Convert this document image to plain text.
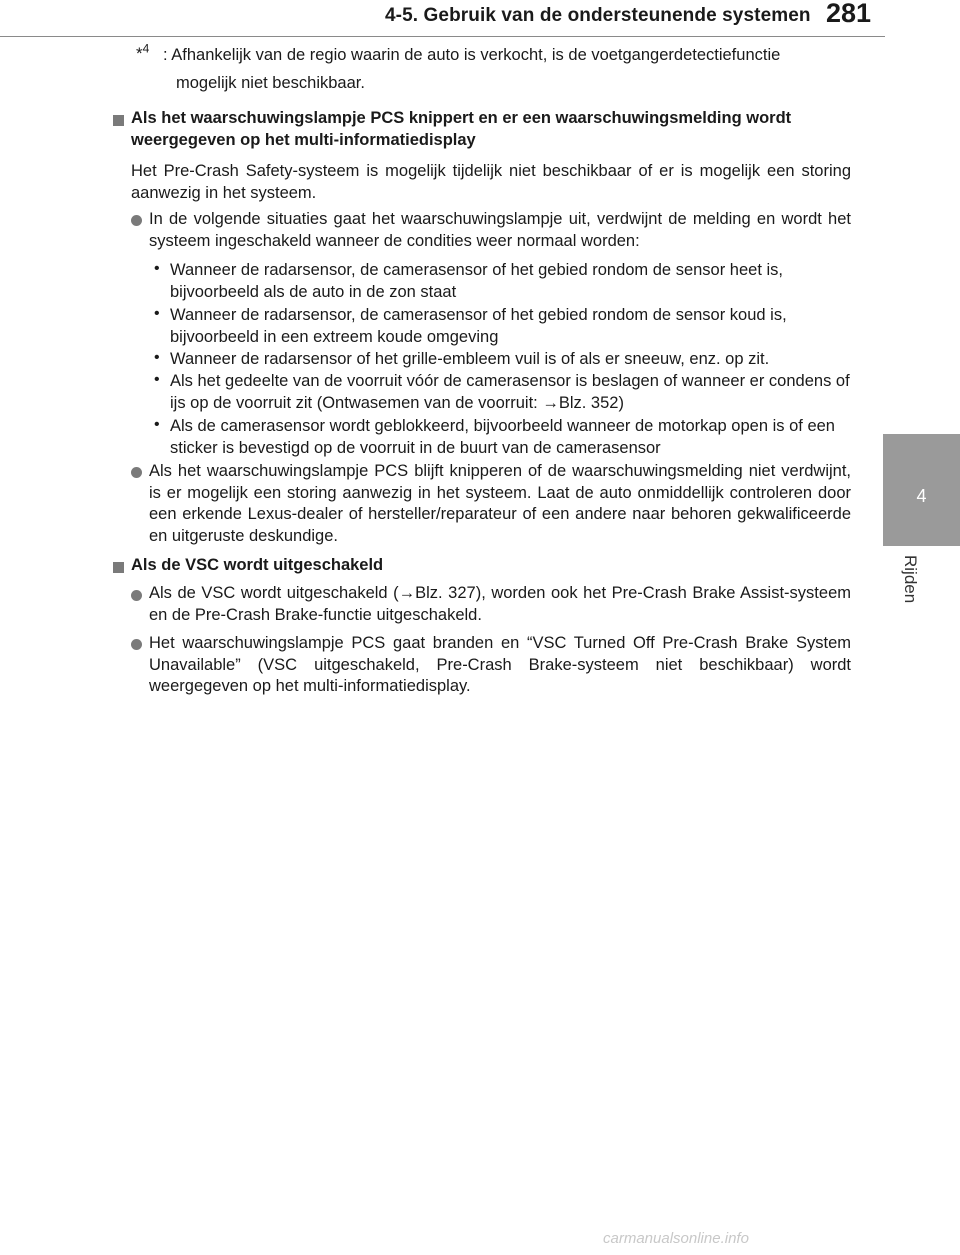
4-5. Gebruik van de ondersteunende systemen 281
4
Rijden
*$^4$ : Afhankelijk van de regio waarin de auto is verkocht, is de voetgangerdetectiefunctie
mogelijk niet beschikbaar.
Als het waarschuwingslampje PCS knippert en er een waarschuwingsmelding wordt weergegeven op het multi-informatiedisplay
Het Pre-Crash Safety-systeem is mogelijk tijdelijk niet beschikbaar of er is mogelijk een storing aanwezig in het systeem.
In de volgende situaties gaat het waarschuwingslampje uit, verdwijnt de melding en wordt het systeem ingeschakeld wanneer de condities weer normaal worden:
• Wanneer de radarsensor, de camerasensor of het gebied rondom de sensor heet is, bijvoorbeeld als de auto in de zon staat
• Wanneer de radarsensor, de camerasensor of het gebied rondom de sensor koud is, bijvoorbeeld in een extreem koude omgeving
• Wanneer de radarsensor of het grille-embleem vuil is of als er sneeuw, enz. op zit.
• Als het gedeelte van de voorruit vóór de camerasensor is beslagen of wanneer er condens of ijs op de voorruit zit (Ontwasemen van de voorruit: →Blz. 352)
• Als de camerasensor wordt geblokkeerd, bijvoorbeeld wanneer de motorkap open is of een sticker is bevestigd op de voorruit in de buurt van de camerasensor
Als het waarschuwingslampje PCS blijft knipperen of de waarschuwingsmelding niet verdwijnt, is er mogelijk een storing aanwezig in het systeem. Laat de auto onmiddellijk controleren door een erkende Lexus-dealer of hersteller/reparateur of een andere naar behoren gekwalificeerde en uitgeruste deskundige.
Als de VSC wordt uitgeschakeld
Als de VSC wordt uitgeschakeld (→Blz. 327), worden ook het Pre-Crash Brake Assist-systeem en de Pre-Crash Brake-functie uitgeschakeld.
Het waarschuwingslampje PCS gaat branden en “VSC Turned Off Pre-Crash Brake System Unavailable” (VSC uitgeschakeld, Pre-Crash Brake-systeem niet beschikbaar) wordt weergegeven op het multi-informatiedisplay.
carmanualsonline.info
